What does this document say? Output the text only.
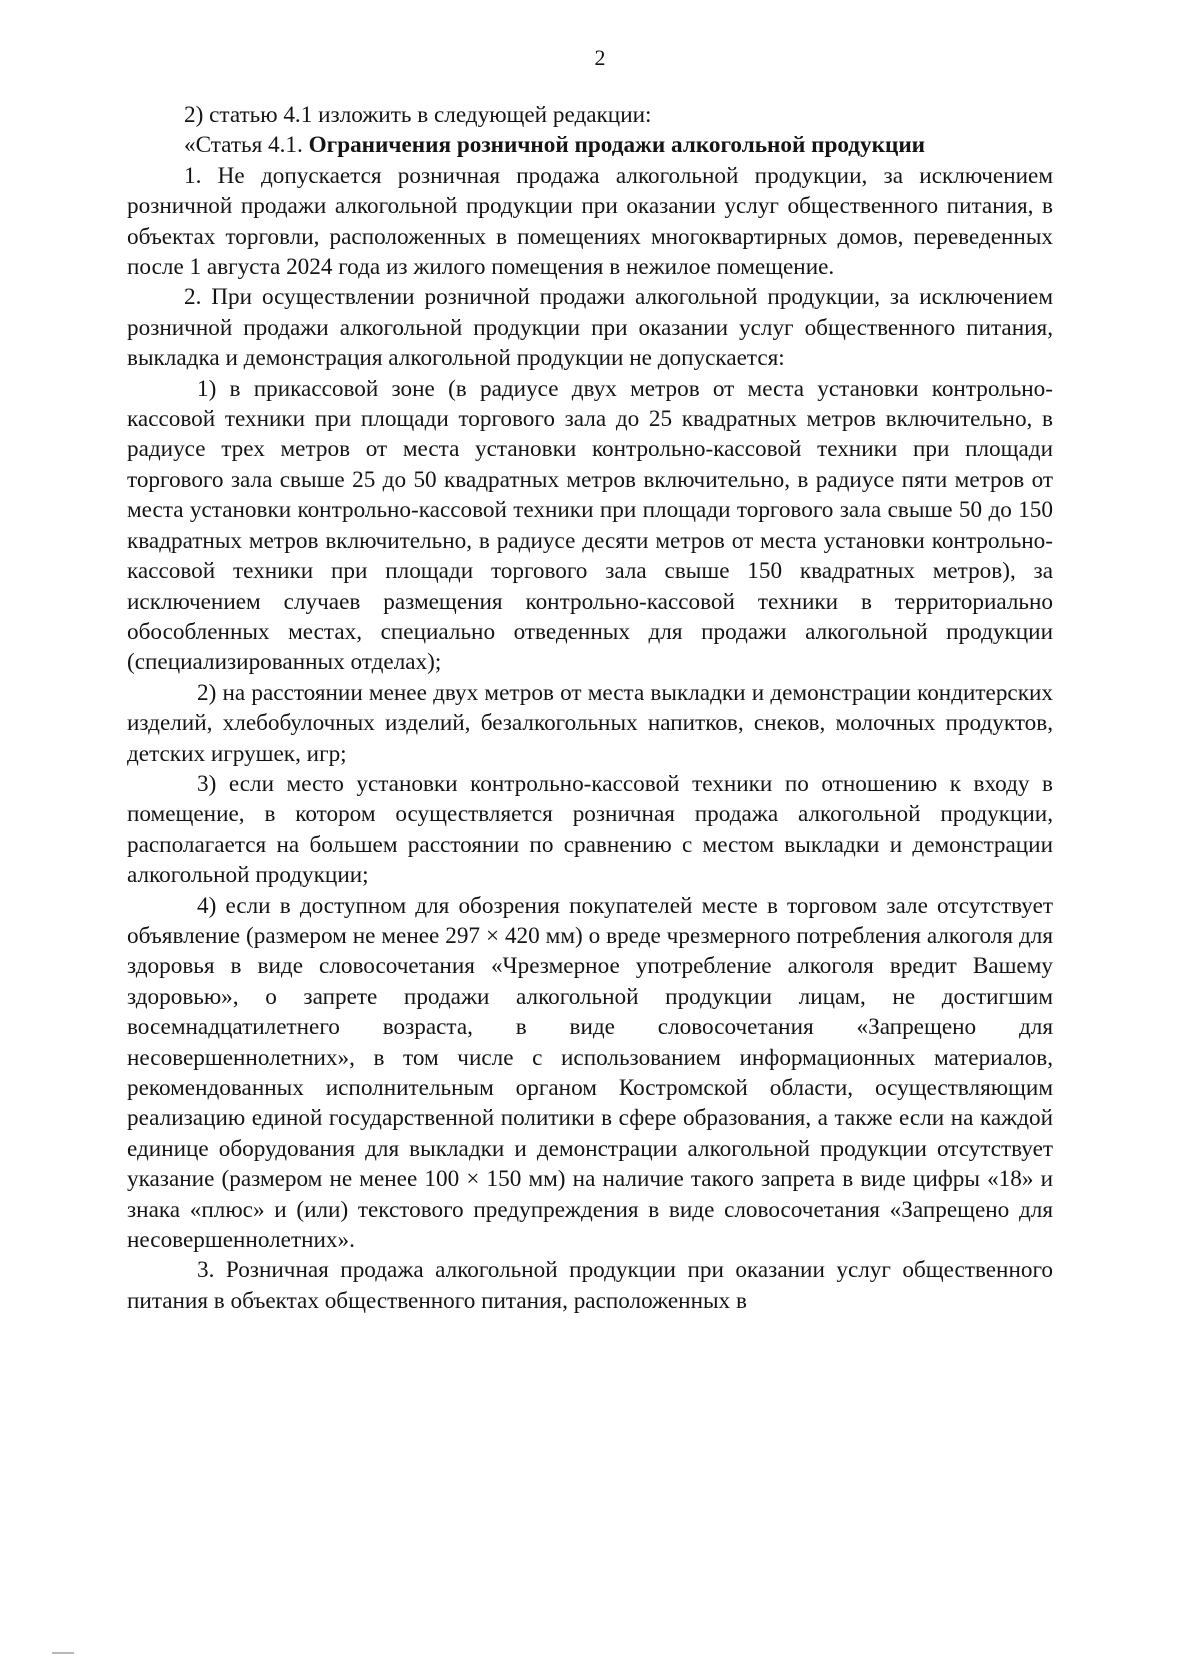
2

2) статью 4.1 изложить в следующей редакции:

«Статья 4.1. Ограничения розничной продажи алкогольной продукции

1. Не допускается розничная продажа алкогольной продукции, за исключением розничной продажи алкогольной продукции при оказании услуг общественного питания, в объектах торговли, расположенных в помещениях многоквартирных домов, переведенных после 1 августа 2024 года из жилого помещения в нежилое помещение.

2. При осуществлении розничной продажи алкогольной продукции, за исключением розничной продажи алкогольной продукции при оказании услуг общественного питания, выкладка и демонстрация алкогольной продукции не допускается:

1) в прикассовой зоне (в радиусе двух метров от места установки контрольно-кассовой техники при площади торгового зала до 25 квадратных метров включительно, в радиусе трех метров от места установки контрольно-кассовой техники при площади торгового зала свыше 25 до 50 квадратных метров включительно, в радиусе пяти метров от места установки контрольно-кассовой техники при площади торгового зала свыше 50 до 150 квадратных метров включительно, в радиусе десяти метров от места установки контрольно-кассовой техники при площади торгового зала свыше 150 квадратных метров), за исключением случаев размещения контрольно-кассовой техники в территориально обособленных местах, специально отведенных для продажи алкогольной продукции (специализированных отделах);

2) на расстоянии менее двух метров от места выкладки и демонстрации кондитерских изделий, хлебобулочных изделий, безалкогольных напитков, снеков, молочных продуктов, детских игрушек, игр;

3) если место установки контрольно-кассовой техники по отношению к входу в помещение, в котором осуществляется розничная продажа алкогольной продукции, располагается на большем расстоянии по сравнению с местом выкладки и демонстрации алкогольной продукции;

4) если в доступном для обозрения покупателей месте в торговом зале отсутствует объявление (размером не менее 297 × 420 мм) о вреде чрезмерного потребления алкоголя для здоровья в виде словосочетания «Чрезмерное употребление алкоголя вредит Вашему здоровью», о запрете продажи алкогольной продукции лицам, не достигшим восемнадцатилетнего возраста, в виде словосочетания «Запрещено для несовершеннолетних», в том числе с использованием информационных материалов, рекомендованных исполнительным органом Костромской области, осуществляющим реализацию единой государственной политики в сфере образования, а также если на каждой единице оборудования для выкладки и демонстрации алкогольной продукции отсутствует указание (размером не менее 100 × 150 мм) на наличие такого запрета в виде цифры «18» и знака «плюс» и (или) текстового предупреждения в виде словосочетания «Запрещено для несовершеннолетних».

3. Розничная продажа алкогольной продукции при оказании услуг общественного питания в объектах общественного питания, расположенных в
